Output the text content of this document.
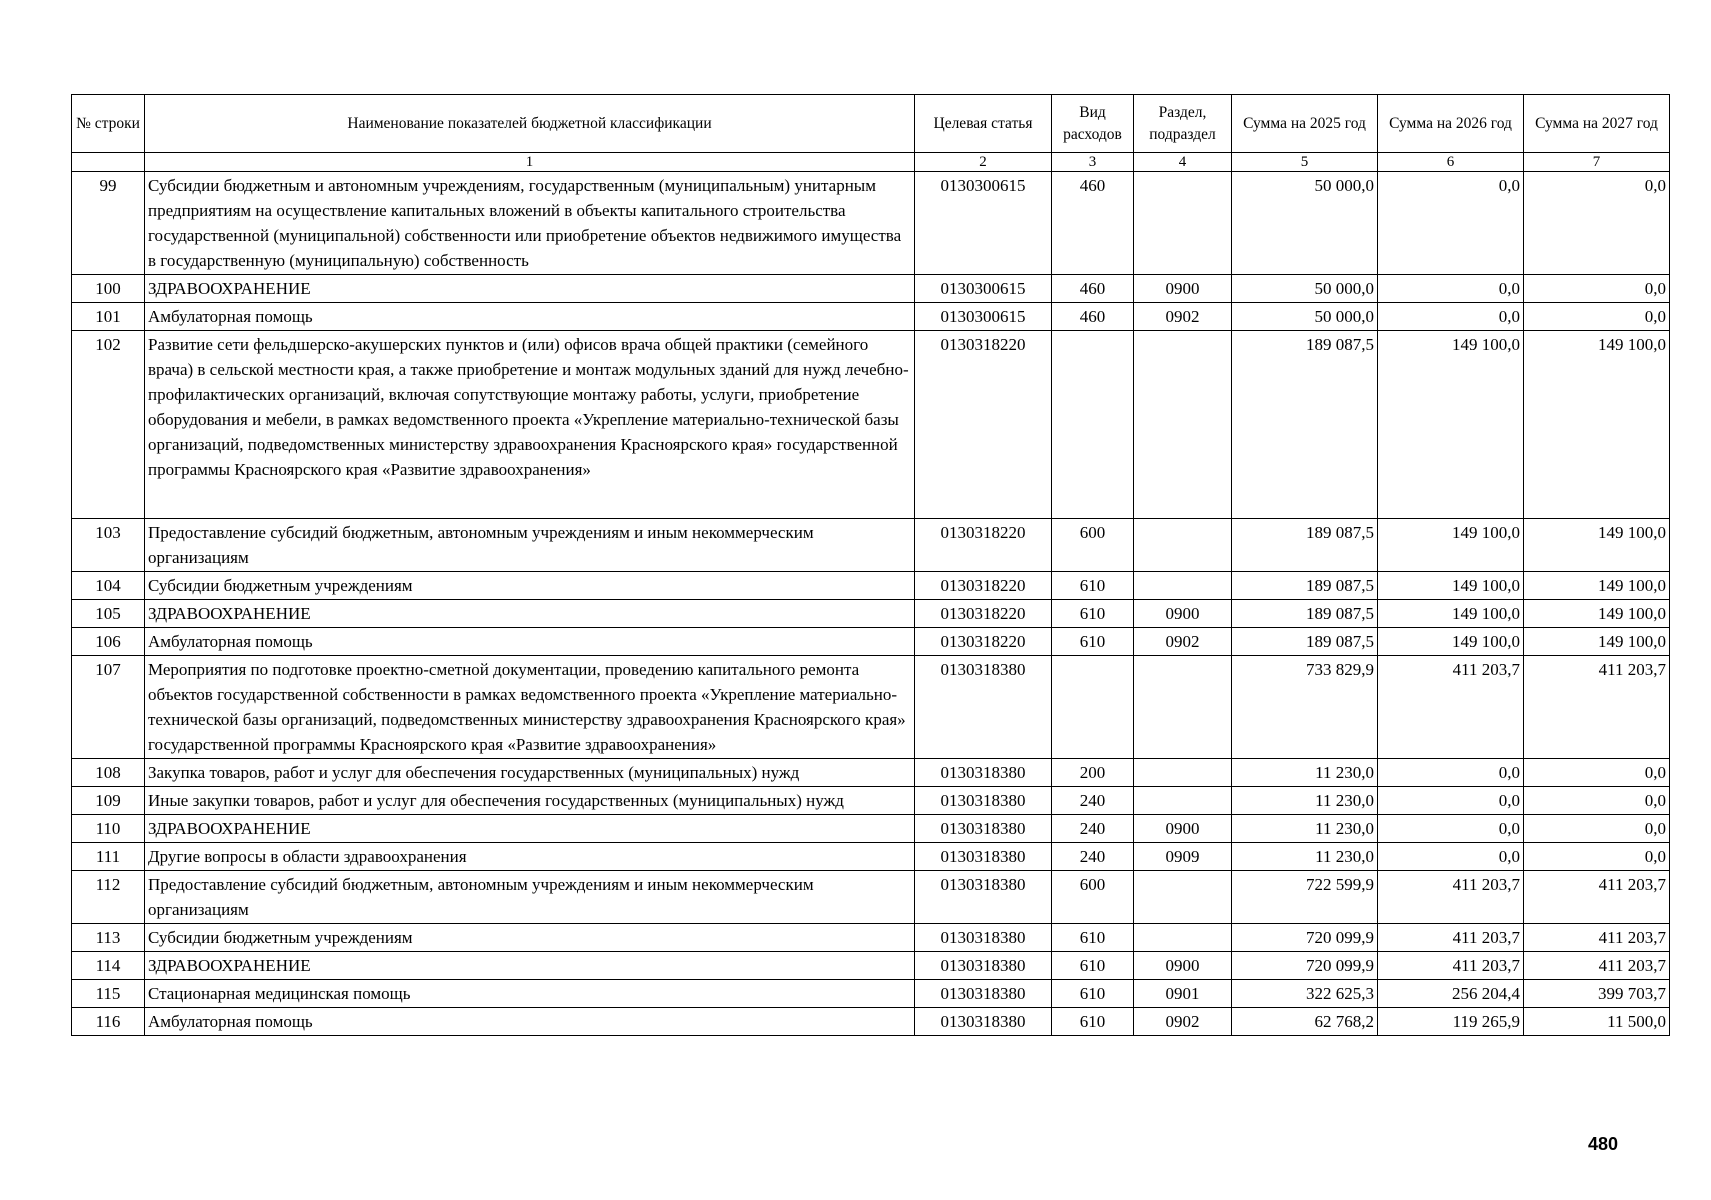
№ строки	Наименование показателей бюджетной классификации	Целевая статья	Вид расходов	Раздел, подраздел	Сумма на 2025 год	Сумма на 2026 год	Сумма на 2027 год
	1	2	3	4	5	6	7
99	Субсидии бюджетным и автономным учреждениям, государственным (муниципальным) унитарным предприятиям на осуществление капитальных вложений в объекты капитального строительства государственной (муниципальной) собственности или приобретение объектов недвижимого имущества в государственную (муниципальную) собственность	0130300615	460		50 000,0	0,0	0,0
100	ЗДРАВООХРАНЕНИЕ	0130300615	460	0900	50 000,0	0,0	0,0
101	Амбулаторная помощь	0130300615	460	0902	50 000,0	0,0	0,0
102	Развитие сети фельдшерско-акушерских пунктов и (или) офисов врача общей практики (семейного врача) в сельской местности края, а также приобретение и монтаж модульных зданий для нужд лечебно-профилактических организаций, включая сопутствующие монтажу работы, услуги, приобретение оборудования и мебели, в рамках ведомственного проекта «Укрепление материально-технической базы организаций, подведомственных министерству здравоохранения Красноярского края» государственной программы Красноярского края «Развитие здравоохранения»	0130318220			189 087,5	149 100,0	149 100,0
103	Предоставление субсидий бюджетным, автономным учреждениям и иным некоммерческим организациям	0130318220	600		189 087,5	149 100,0	149 100,0
104	Субсидии бюджетным учреждениям	0130318220	610		189 087,5	149 100,0	149 100,0
105	ЗДРАВООХРАНЕНИЕ	0130318220	610	0900	189 087,5	149 100,0	149 100,0
106	Амбулаторная помощь	0130318220	610	0902	189 087,5	149 100,0	149 100,0
107	Мероприятия по подготовке проектно-сметной документации, проведению капитального ремонта объектов государственной собственности в рамках ведомственного проекта «Укрепление материально-технической базы организаций, подведомственных министерству здравоохранения Красноярского края» государственной программы Красноярского края «Развитие здравоохранения»	0130318380			733 829,9	411 203,7	411 203,7
108	Закупка товаров, работ и услуг для обеспечения государственных (муниципальных) нужд	0130318380	200		11 230,0	0,0	0,0
109	Иные закупки товаров, работ и услуг для обеспечения государственных (муниципальных) нужд	0130318380	240		11 230,0	0,0	0,0
110	ЗДРАВООХРАНЕНИЕ	0130318380	240	0900	11 230,0	0,0	0,0
111	Другие вопросы в области здравоохранения	0130318380	240	0909	11 230,0	0,0	0,0
112	Предоставление субсидий бюджетным, автономным учреждениям и иным некоммерческим организациям	0130318380	600		722 599,9	411 203,7	411 203,7
113	Субсидии бюджетным учреждениям	0130318380	610		720 099,9	411 203,7	411 203,7
114	ЗДРАВООХРАНЕНИЕ	0130318380	610	0900	720 099,9	411 203,7	411 203,7
115	Стационарная медицинская помощь	0130318380	610	0901	322 625,3	256 204,4	399 703,7
116	Амбулаторная помощь	0130318380	610	0902	62 768,2	119 265,9	11 500,0
480
